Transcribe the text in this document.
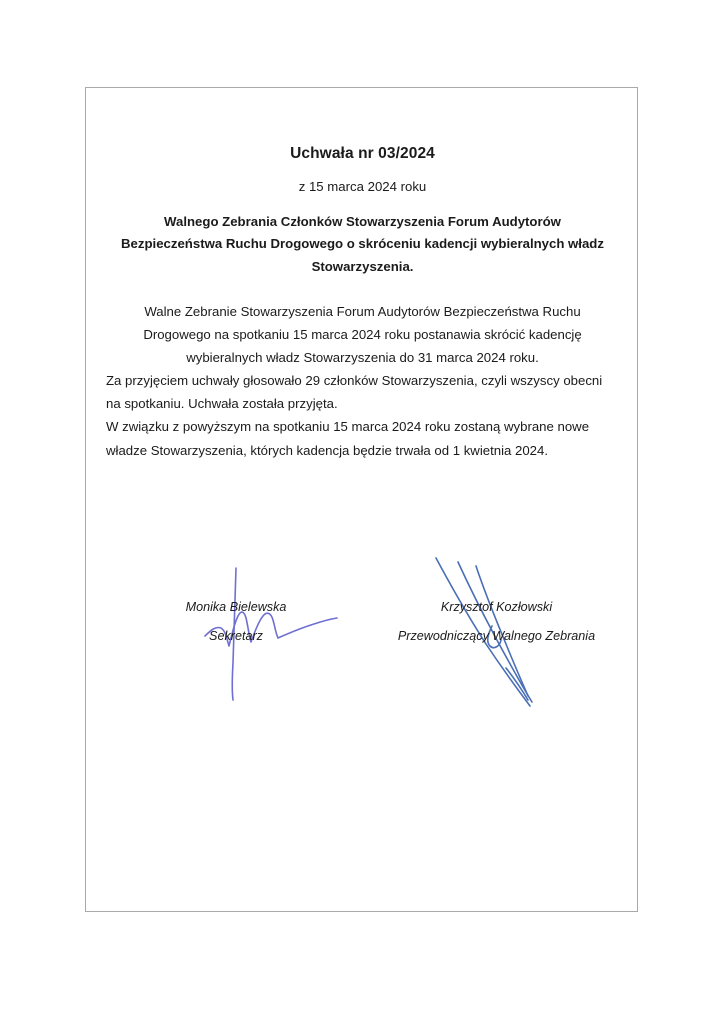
Uchwała nr 03/2024
z 15 marca 2024 roku
Walnego Zebrania Członków Stowarzyszenia Forum Audytorów
Bezpieczeństwa Ruchu Drogowego o skróceniu kadencji wybieralnych władz
Stowarzyszenia.

Walne Zebranie Stowarzyszenia Forum Audytorów Bezpieczeństwa Ruchu Drogowego na spotkaniu 15 marca 2024 roku postanawia skrócić kadencję wybieralnych władz Stowarzyszenia do 31 marca 2024 roku.

Za przyjęciem uchwały głosowało 29 członków Stowarzyszenia, czyli wszyscy obecni na spotkaniu. Uchwała została przyjęta.

W związku z powyższym na spotkaniu 15 marca 2024 roku zostaną wybrane nowe władze Stowarzyszenia, których kadencja będzie trwała od 1 kwietnia 2024.

Monika Bielewska
Sekretarz
Krzysztof Kozłowski
Przewodniczący Walnego Zebrania
